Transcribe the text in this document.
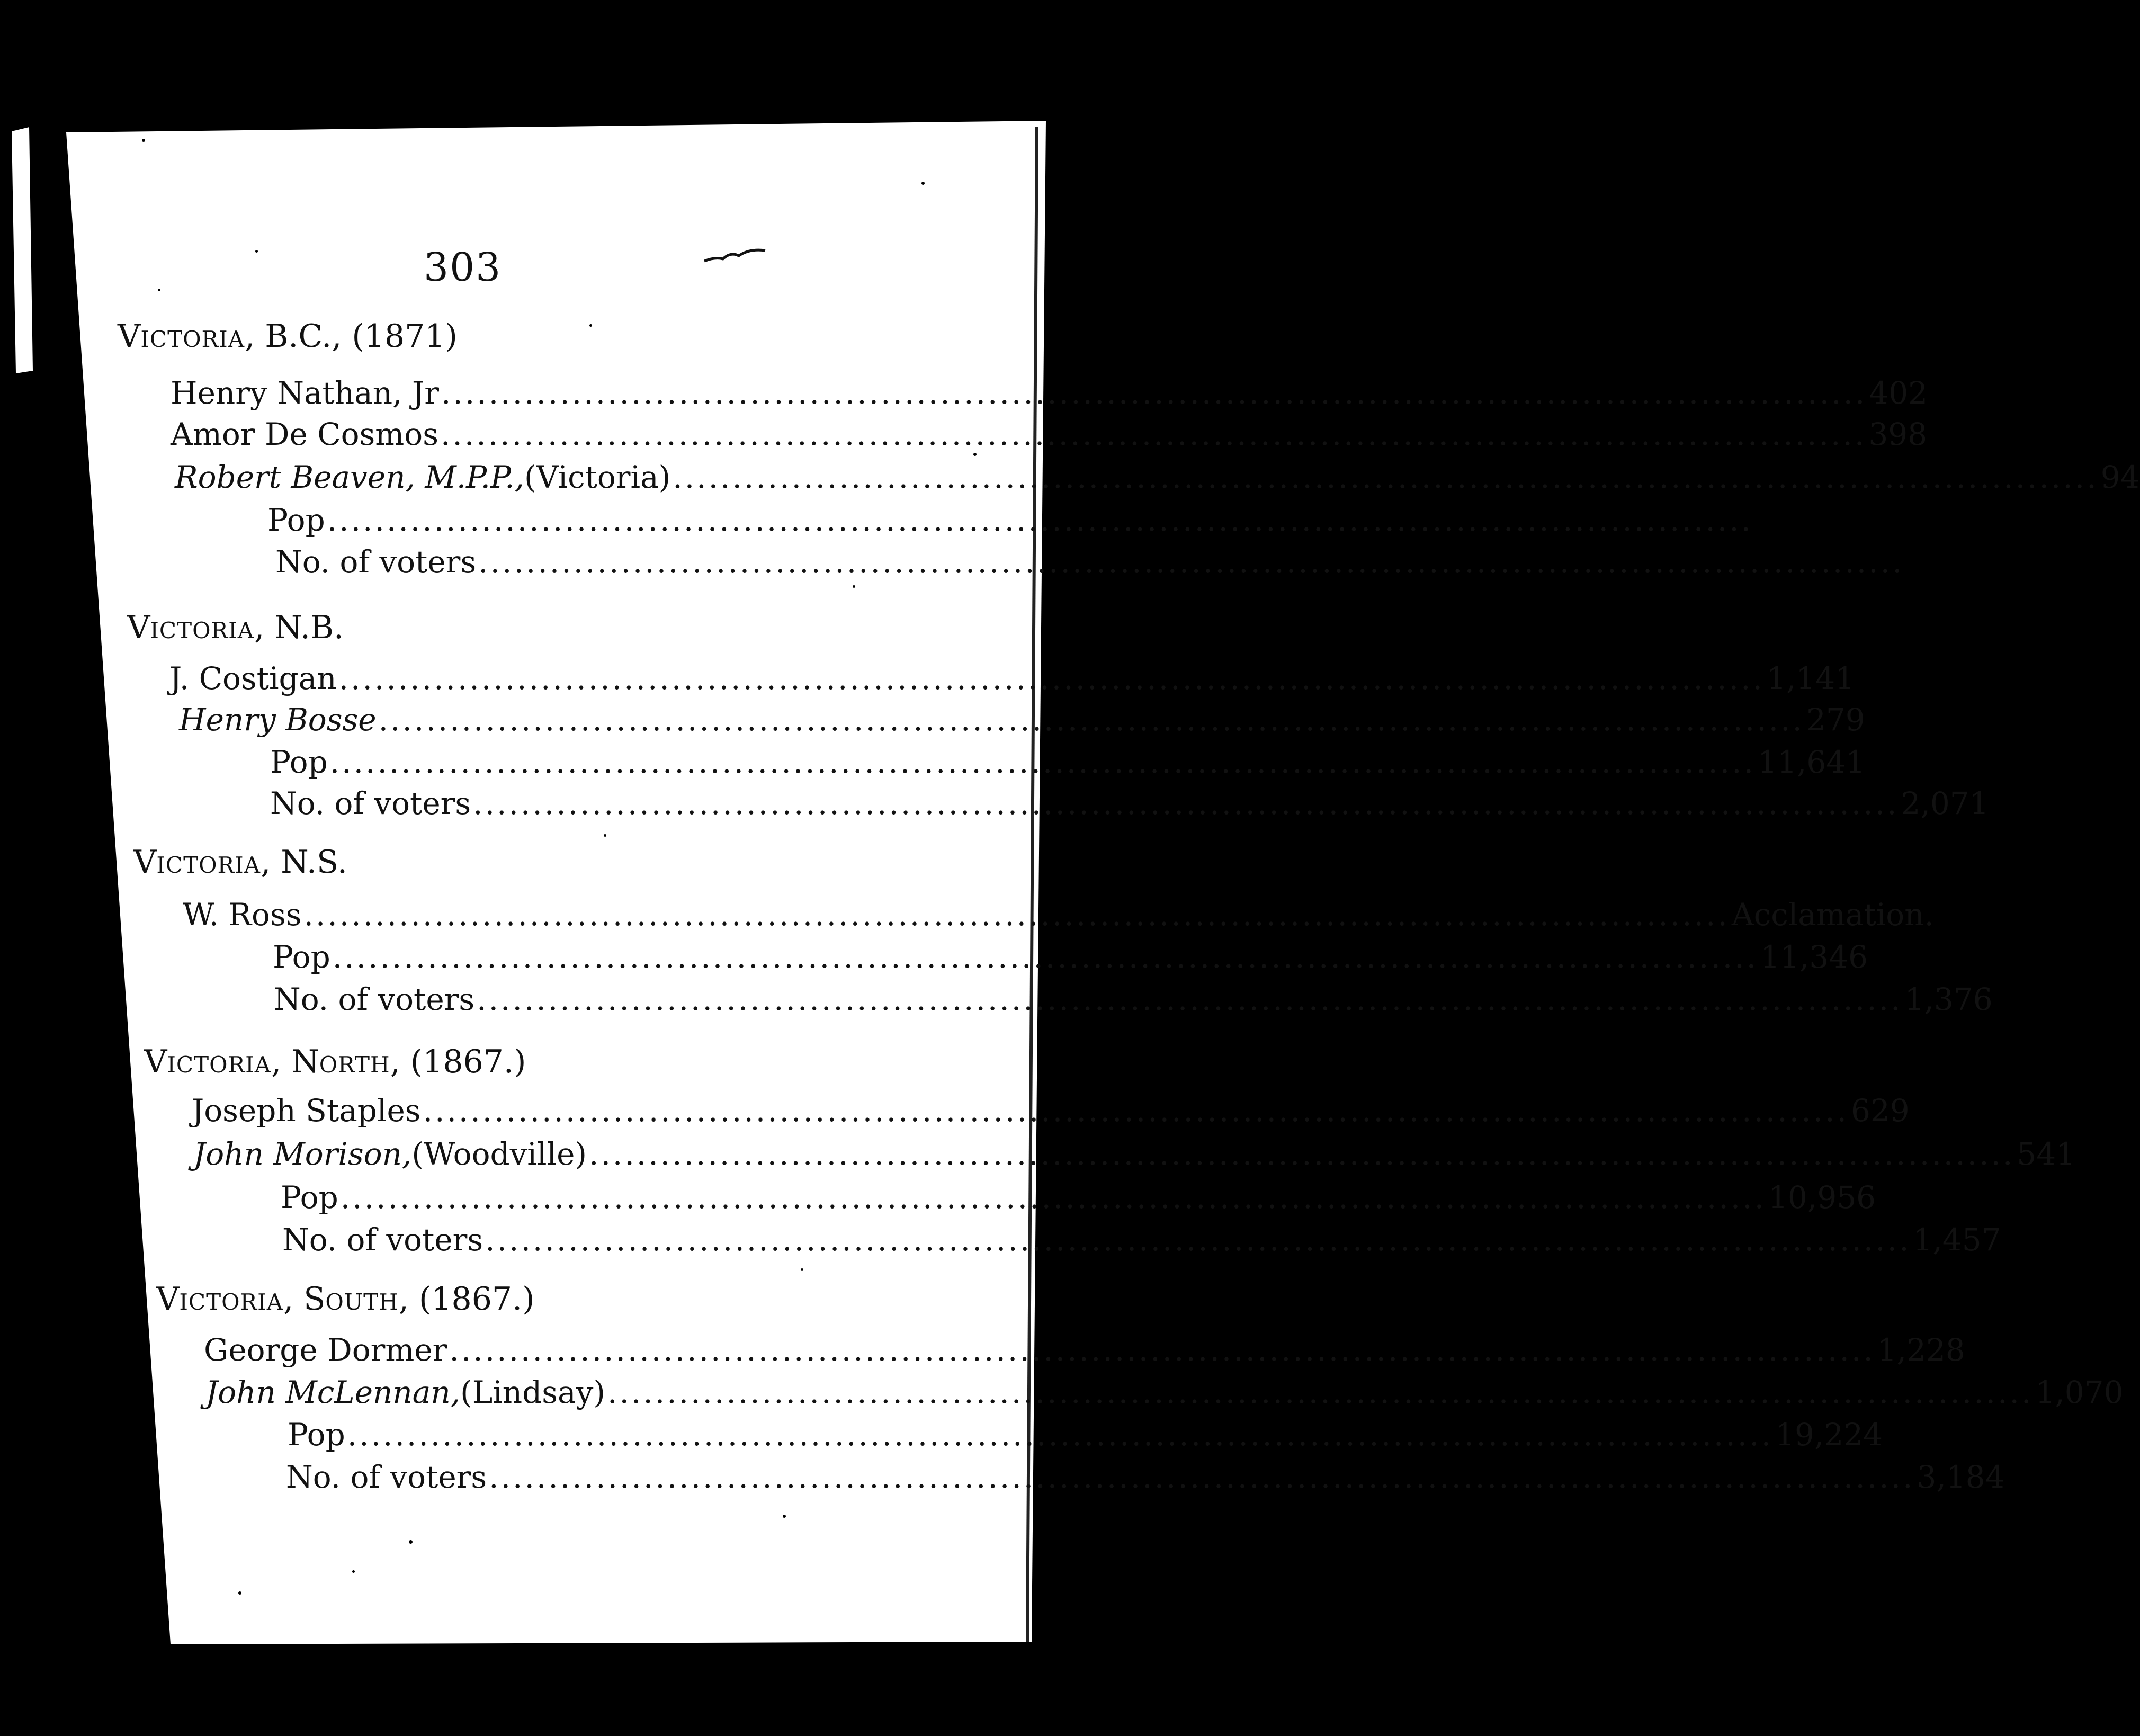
303
VICTORIA, B.C., (1871)
Henry Nathan, Jr ........................................................................................................................ 402
Amor De Cosmos ........................................................................................................................ 398
Robert Beaven, M.P.P., (Victoria) ........................................................................................................................ 94
Pop ........................................................................................................................
No. of voters ........................................................................................................................
VICTORIA, N.B.
J. Costigan ........................................................................................................................ 1,141
Henry Bosse ........................................................................................................................ 279
Pop ........................................................................................................................ 11,641
No. of voters ........................................................................................................................ 2,071
VICTORIA, N.S.
W. Ross ........................................................................................................................ Acclamation.
Pop ........................................................................................................................ 11,346
No. of voters ........................................................................................................................ 1,376
VICTORIA, NORTH, (1867.)
Joseph Staples ........................................................................................................................ 629
John Morison, (Woodville) ........................................................................................................................ 541
Pop ........................................................................................................................ 10,956
No. of voters ........................................................................................................................ 1,457
VICTORIA, SOUTH, (1867.)
George Dormer ........................................................................................................................ 1,228
John McLennan, (Lindsay) ........................................................................................................................ 1,070
Pop ........................................................................................................................ 19,224
No. of voters ........................................................................................................................ 3,184
